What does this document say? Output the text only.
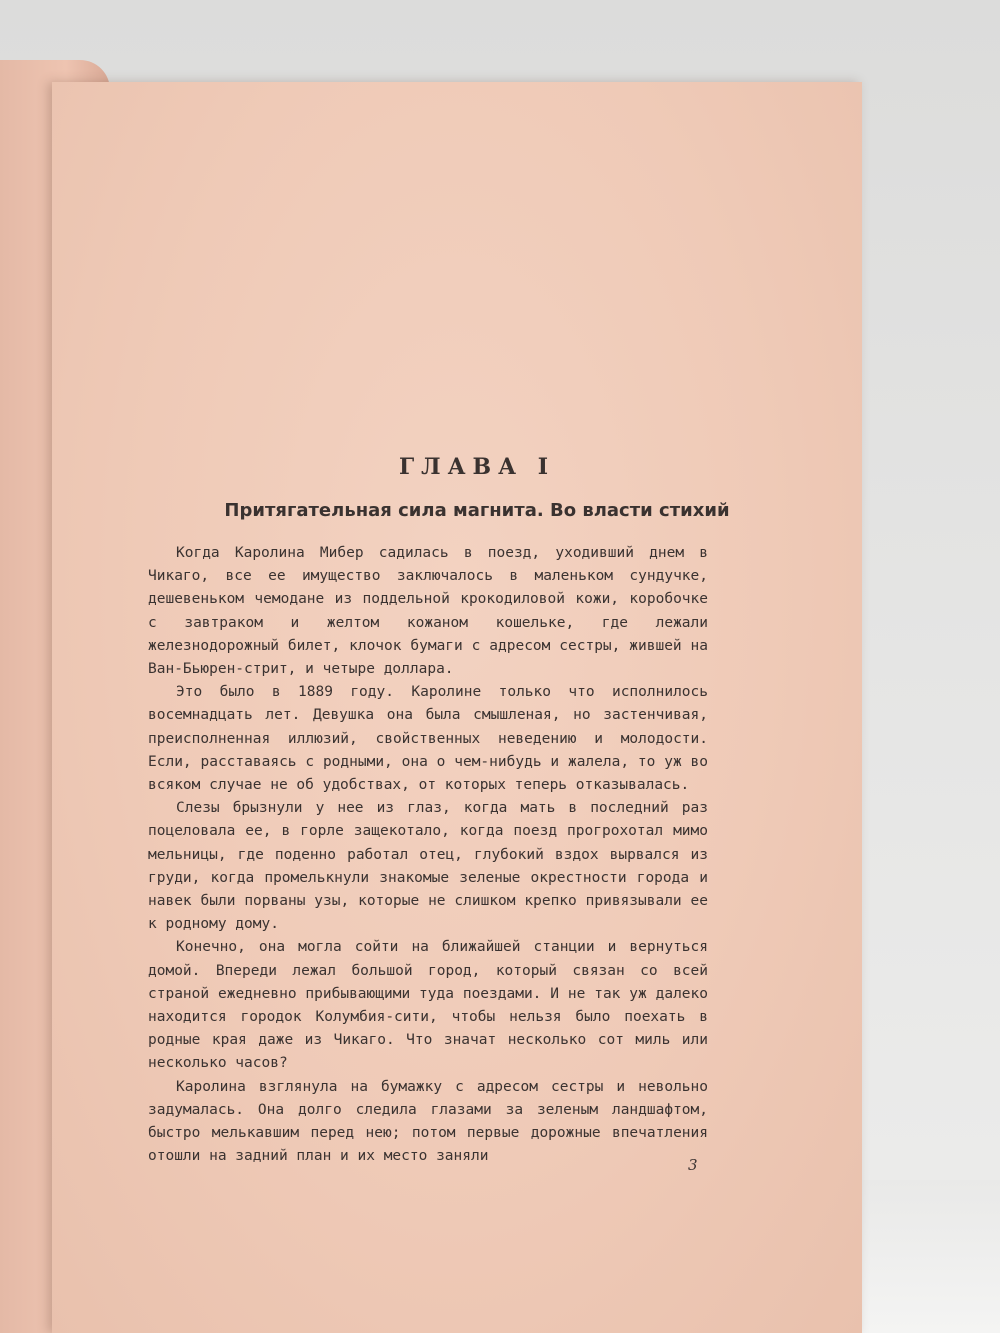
ГЛАВА I
Притягательная сила магнита. Во власти стихий

Когда Каролина Мибер садилась в поезд, уходивший днем в Чикаго, все ее имущество заключалось в маленьком сундучке, дешевеньком чемодане из поддельной крокодиловой кожи, коробочке с завтраком и желтом кожаном кошельке, где лежали железнодорожный билет, клочок бумаги с адресом сестры, жившей на Ван-Бьюрен-стрит, и четыре доллара.

Это было в 1889 году. Каролине только что исполнилось восемнадцать лет. Девушка она была смышленая, но застенчивая, преисполненная иллюзий, свойственных неведению и молодости. Если, расставаясь с родными, она о чем-нибудь и жалела, то уж во всяком случае не об удобствах, от которых теперь отказывалась.

Слезы брызнули у нее из глаз, когда мать в последний раз поцеловала ее, в горле защекотало, когда поезд прогрохотал мимо мельницы, где поденно работал отец, глубокий вздох вырвался из груди, когда промелькнули знакомые зеленые окрестности города и навек были порваны узы, которые не слишком крепко привязывали ее к родному дому.

Конечно, она могла сойти на ближайшей станции и вернуться домой. Впереди лежал большой город, который связан со всей страной ежедневно прибывающими туда поездами. И не так уж далеко находится городок Колумбия-сити, чтобы нельзя было поехать в родные края даже из Чикаго. Что значат несколько сот миль или несколько часов?

Каролина взглянула на бумажку с адресом сестры и невольно задумалась. Она долго следила глазами за зеленым ландшафтом, быстро мелькавшим перед нею; потом первые дорожные впечатления отошли на задний план и их место заняли	3
